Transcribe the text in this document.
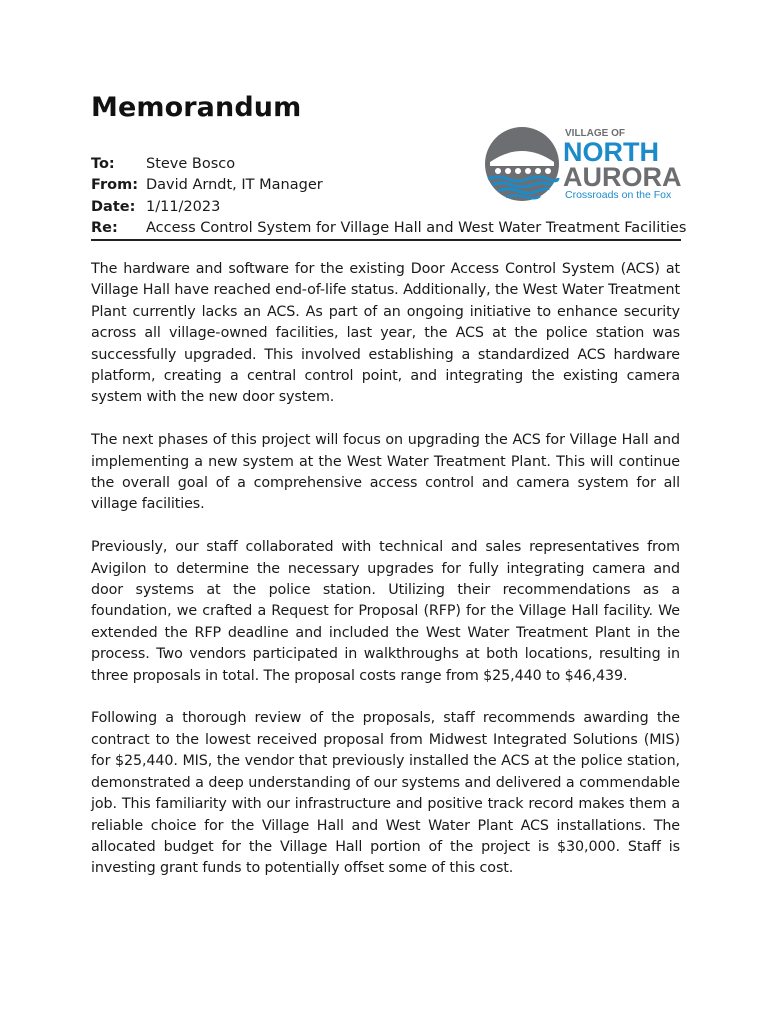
Memorandum
To: Steve Bosco
From: David Arndt, IT Manager
Date: 1/11/2023
Re: Access Control System for Village Hall and West Water Treatment Facilities
VILLAGE OF
NORTH
AURORA
Crossroads on the Fox

The hardware and software for the existing Door Access Control System (ACS) at Village Hall have reached end-of-life status. Additionally, the West Water Treatment Plant currently lacks an ACS. As part of an ongoing initiative to enhance security across all village-owned facilities, last year, the ACS at the police station was successfully upgraded. This involved establishing a standardized ACS hardware platform, creating a central control point, and integrating the existing camera system with the new door system.

The next phases of this project will focus on upgrading the ACS for Village Hall and implementing a new system at the West Water Treatment Plant. This will continue the overall goal of a comprehensive access control and camera system for all village facilities.

Previously, our staff collaborated with technical and sales representatives from Avigilon to determine the necessary upgrades for fully integrating camera and door systems at the police station. Utilizing their recommendations as a foundation, we crafted a Request for Proposal (RFP) for the Village Hall facility. We extended the RFP deadline and included the West Water Treatment Plant in the process. Two vendors participated in walkthroughs at both locations, resulting in three proposals in total. The proposal costs range from $25,440 to $46,439.

Following a thorough review of the proposals, staff recommends awarding the contract to the lowest received proposal from Midwest Integrated Solutions (MIS) for $25,440. MIS, the vendor that previously installed the ACS at the police station, demonstrated a deep understanding of our systems and delivered a commendable job. This familiarity with our infrastructure and positive track record makes them a reliable choice for the Village Hall and West Water Plant ACS installations. The allocated budget for the Village Hall portion of the project is $30,000. Staff is investing grant funds to potentially offset some of this cost.
